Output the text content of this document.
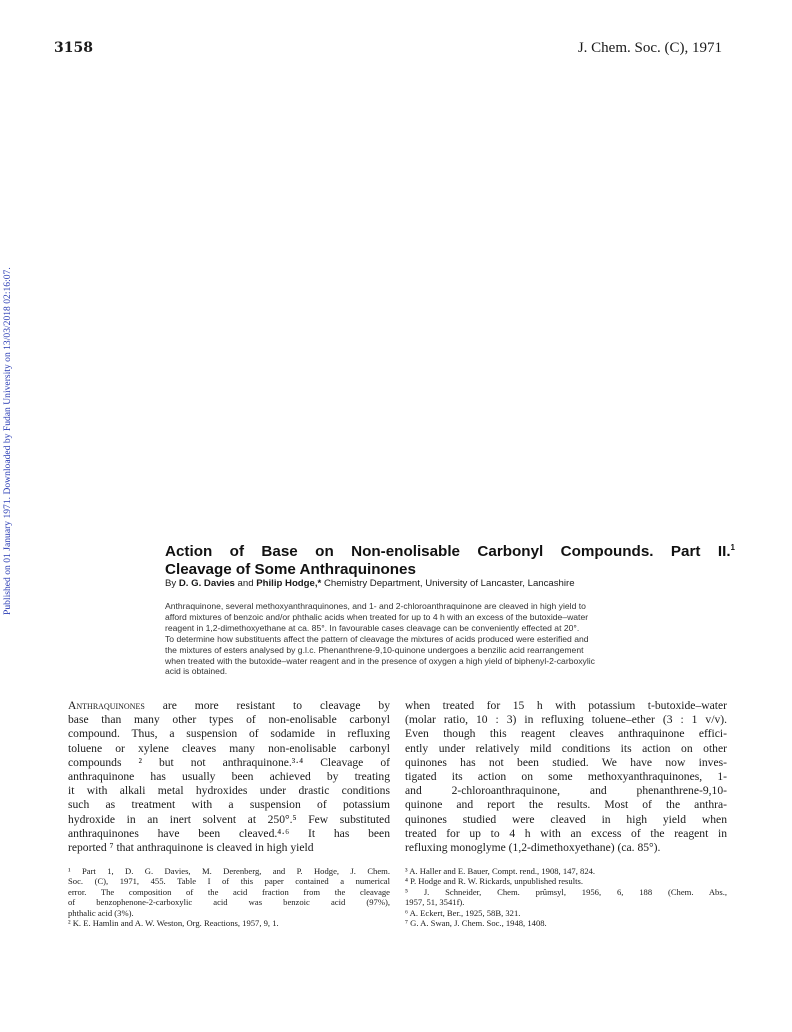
3158	J. Chem. Soc. (C), 1971
Published on 01 January 1971. Downloaded by Fudan University on 13/03/2018 02:16:07.	Action of Base on Non-enolisable Carbonyl Compounds. Part II.$^1$
Cleavage of Some Anthraquinones
By D. G. Davies and Philip Hodge,* Chemistry Department, University of Lancaster, Lancashire
Anthraquinone, several methoxyanthraquinones, and 1- and 2-chloroanthraquinone are cleaved in high yield to
afford mixtures of benzoic and/or phthalic acids when treated for up to 4 h with an excess of the butoxide–water
reagent in 1,2-dimethoxyethane at ca. 85°. In favourable cases cleavage can be conveniently effected at 20°.
To determine how substituents affect the pattern of cleavage the mixtures of acids produced were esterified and
the mixtures of esters analysed by g.l.c. Phenanthrene-9,10-quinone undergoes a benzilic acid rearrangement
when treated with the butoxide–water reagent and in the presence of oxygen a high yield of biphenyl-2-carboxylic
acid is obtained.
Anthraquinones are more resistant to cleavage by
base than many other types of non-enolisable carbonyl
compound. Thus, a suspension of sodamide in refluxing
toluene or xylene cleaves many non-enolisable carbonyl
compounds ² but not anthraquinone.³·⁴ Cleavage of
anthraquinone has usually been achieved by treating
it with alkali metal hydroxides under drastic conditions
such as treatment with a suspension of potassium
hydroxide in an inert solvent at 250°.⁵ Few substituted
anthraquinones have been cleaved.⁴·⁶ It has been
reported ⁷ that anthraquinone is cleaved in high yield
when treated for 15 h with potassium t-butoxide–water
(molar ratio, 10 : 3) in refluxing toluene–ether (3 : 1 v/v).
Even though this reagent cleaves anthraquinone effici-
ently under relatively mild conditions its action on other
quinones has not been studied. We have now inves-
tigated its action on some methoxyanthraquinones, 1-
and 2-chloroanthraquinone, and phenanthrene-9,10-
quinone and report the results. Most of the anthra-
quinones studied were cleaved in high yield when
treated for up to 4 h with an excess of the reagent in
refluxing monoglyme (1,2-dimethoxyethane) (ca. 85°).
¹ Part 1, D. G. Davies, M. Derenberg, and P. Hodge, J. Chem.
Soc. (C), 1971, 455. Table I of this paper contained a numerical
error. The composition of the acid fraction from the cleavage
of benzophenone-2-carboxylic acid was benzoic acid (97%),
phthalic acid (3%).
² K. E. Hamlin and A. W. Weston, Org. Reactions, 1957, 9, 1.
³ A. Haller and E. Bauer, Compt. rend., 1908, 147, 824.
⁴ P. Hodge and R. W. Rickards, unpublished results.
⁵ J. Schneider, Chem. prûmsyl, 1956, 6, 188 (Chem. Abs.,
1957, 51, 3541f).
⁶ A. Eckert, Ber., 1925, 58B, 321.
⁷ G. A. Swan, J. Chem. Soc., 1948, 1408.
